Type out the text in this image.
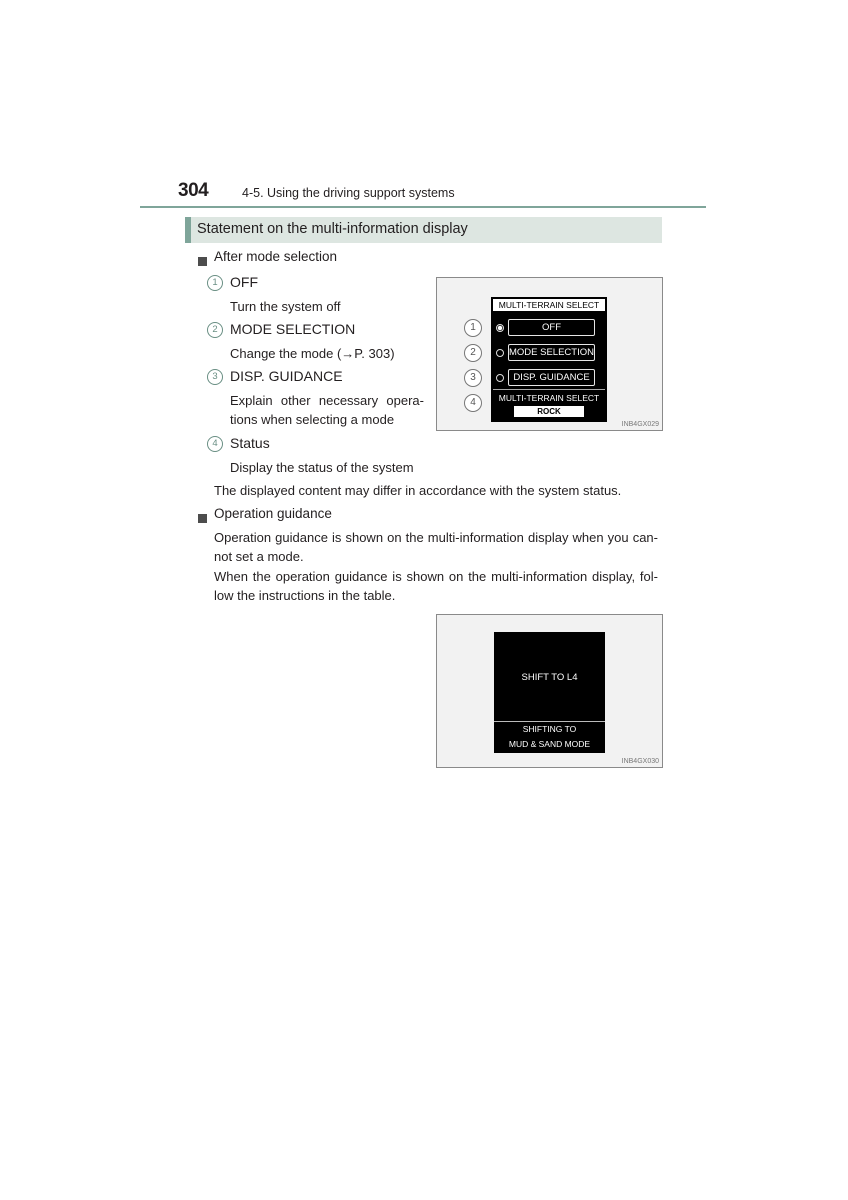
304	4-5. Using the driving support systems
Statement on the multi-information display
After mode selection
1 OFF
Turn the system off
2 MODE SELECTION
Change the mode (→P. 303)
3 DISP. GUIDANCE
Explain other necessary opera-
tions when selecting a mode
4 Status
Display the status of the system
The displayed content may differ in accordance with the system status.
Operation guidance
Operation guidance is shown on the multi-information display when you can-
not set a mode.
When the operation guidance is shown on the multi-information display, fol-
low the instructions in the table.
MULTI-TERRAIN SELECT
OFF
MODE SELECTION
DISP. GUIDANCE
MULTI-TERRAIN SELECT
ROCK
1
2
3
4
INB4GX029
SHIFT TO L4
SHIFTING TO
MUD & SAND MODE
INB4GX030
